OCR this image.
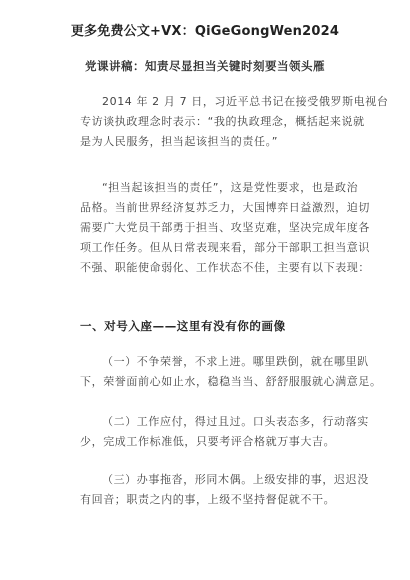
更多免费公文+VX：QiGeGongWen2024
党课讲稿：知责尽显担当关键时刻要当领头雁

2014 年 2 月 7 日，习近平总书记在接受俄罗斯电视台
专访谈执政理念时表示：“我的执政理念，概括起来说就
是为人民服务，担当起该担当的责任。”

“担当起该担当的责任”，这是党性要求，也是政治
品格。当前世界经济复苏乏力，大国博弈日益激烈，迫切
需要广大党员干部勇于担当、攻坚克难，坚决完成年度各
项工作任务。但从日常表现来看，部分干部职工担当意识
不强、职能使命弱化、工作状态不佳，主要有以下表现：

一、对号入座——这里有没有你的画像

（一）不争荣誉，不求上进。哪里跌倒，就在哪里趴
下，荣誉面前心如止水，稳稳当当、舒舒服服就心满意足。

（二）工作应付，得过且过。口头表态多，行动落实
少，完成工作标准低，只要考评合格就万事大吉。

（三）办事拖沓，形同木偶。上级安排的事，迟迟没
有回音；职责之内的事，上级不坚持督促就不干。
